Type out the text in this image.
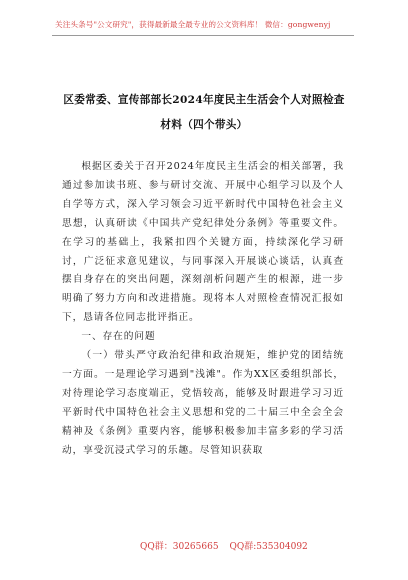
关注头条号"公文研究"，获得最新最全最专业的公文资料库！ 微信：gongwenyj
区委常委、宣传部部长2024年度民主生活会个人对照检查
材料（四个带头）

根据区委关于召开2024年度民主生活会的相关部署，我通过参加读书班、参与研讨交流、开展中心组学习以及个人自学等方式，深入学习领会习近平新时代中国特色社会主义思想，认真研读《中国共产党纪律处分条例》等重要文件。在学习的基础上，我紧扣四个关键方面，持续深化学习研讨，广泛征求意见建议，与同事深入开展谈心谈话，认真查摆自身存在的突出问题，深刻剖析问题产生的根源，进一步明确了努力方向和改进措施。现将本人对照检查情况汇报如下，恳请各位同志批评指正。

一、存在的问题

（一）带头严守政治纪律和政治规矩，维护党的团结统一方面。一是理论学习遇到"浅滩"。作为XX区委组织部长，对待理论学习态度端正，党悟较高，能够及时跟进学习习近平新时代中国特色社会主义思想和党的二十届三中全会全会精神及《条例》重要内容，能够积极参加丰富多彩的学习活动，享受沉浸式学习的乐趣。尽管知识获取

QQ群：30265665 QQ群:535304092
